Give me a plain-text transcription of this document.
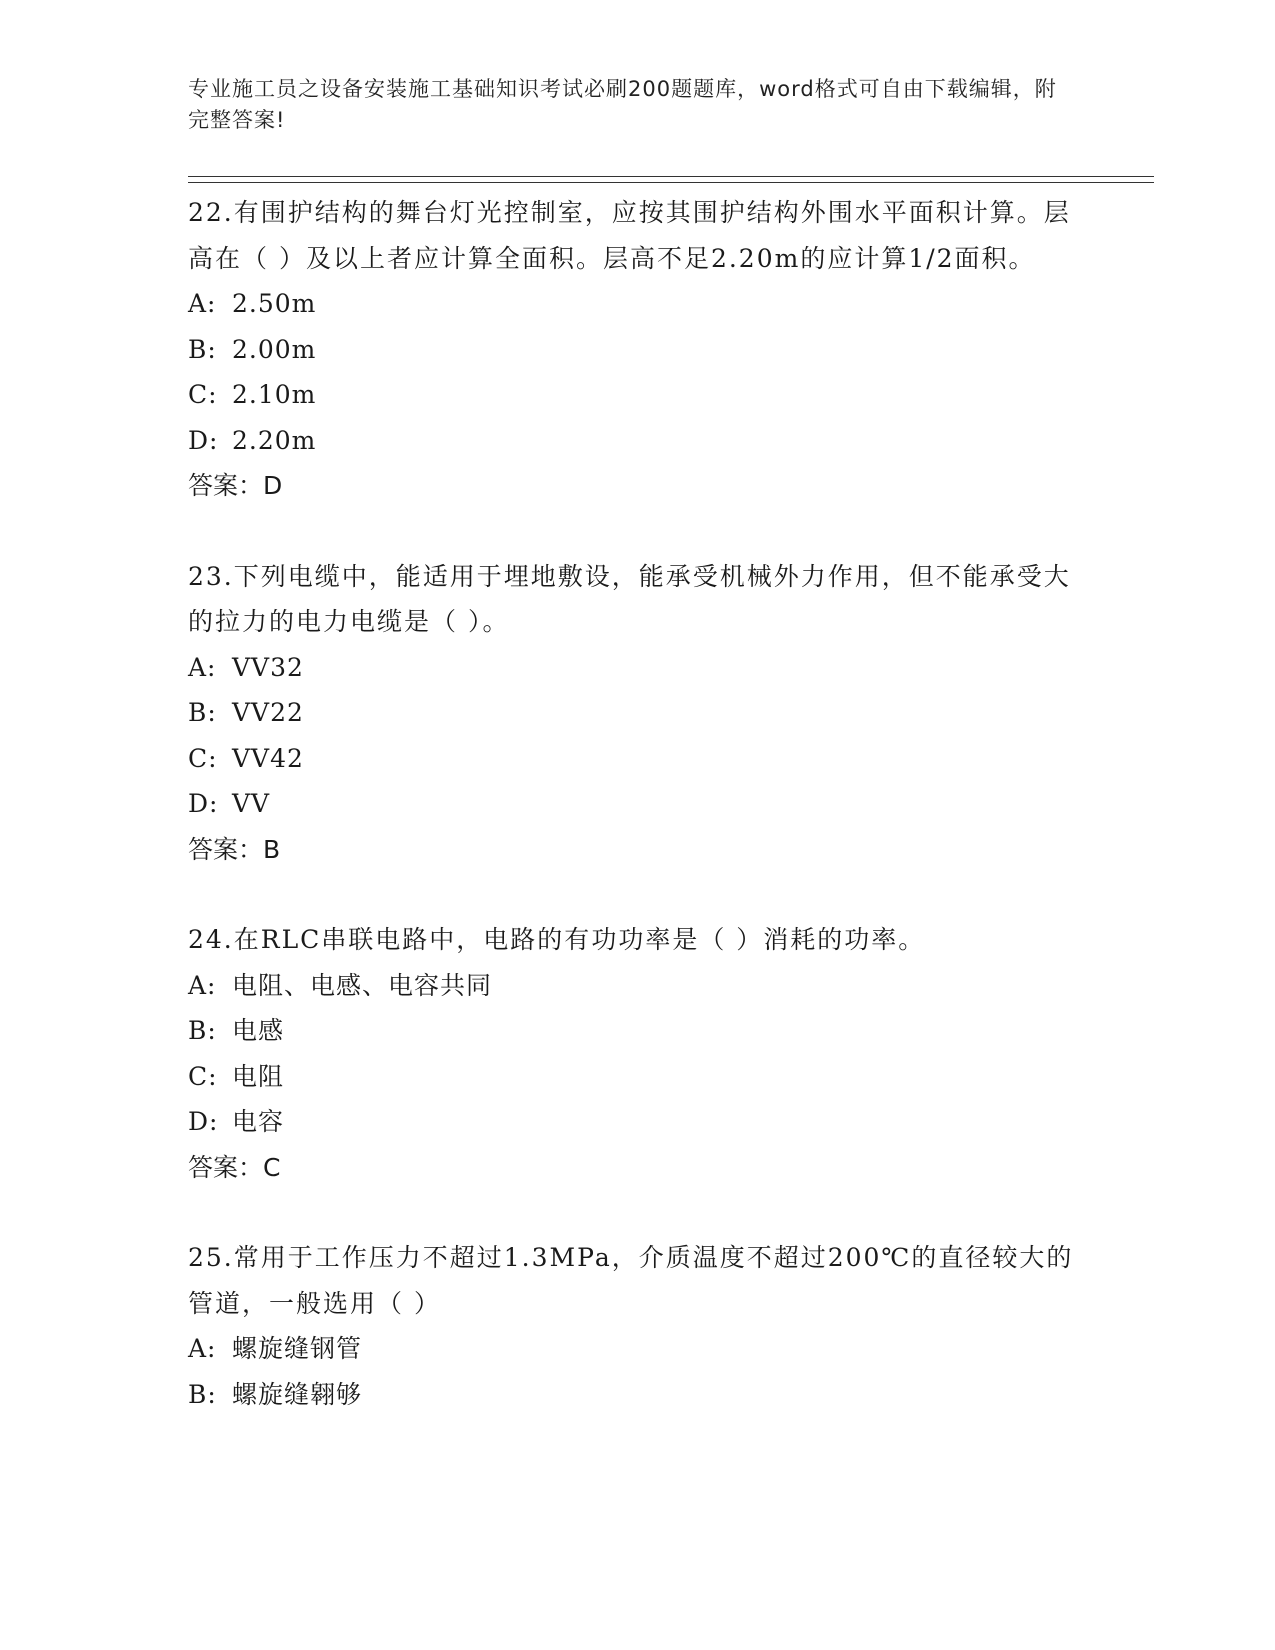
专业施工员之设备安装施工基础知识考试必刷200题题库，word格式可自由下载编辑，附完整答案!
22.有围护结构的舞台灯光控制室，应按其围护结构外围水平面积计算。层高在（ ）及以上者应计算全面积。层高不足2.20m的应计算1/2面积。
A: 2.50m
B: 2.00m
C: 2.10m
D: 2.20m
答案：D
23.下列电缆中，能适用于埋地敷设，能承受机械外力作用，但不能承受大的拉力的电力电缆是（ ）。
A: VV32
B: VV22
C: VV42
D: VV
答案：B
24.在RLC串联电路中，电路的有功功率是（ ）消耗的功率。
A: 电阻、电感、电容共同
B: 电感
C: 电阻
D: 电容
答案：C
25.常用于工作压力不超过1.3MPa，介质温度不超过200℃的直径较大的管道，一般选用（ ）
A: 螺旋缝钢管
B: 螺旋缝翱够
